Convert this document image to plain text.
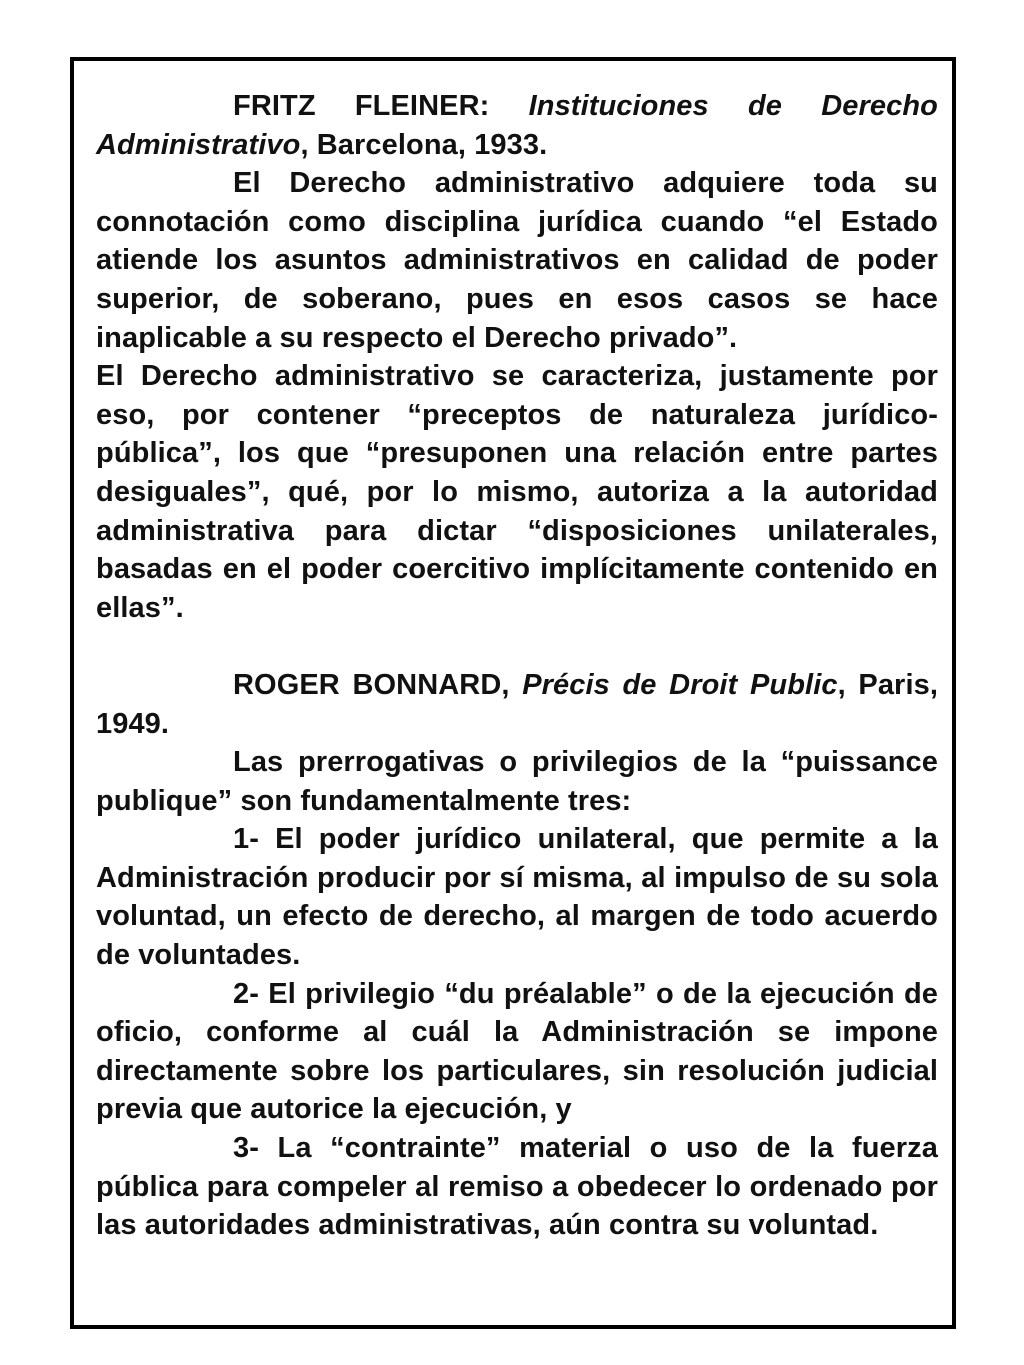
FRITZ FLEINER: Instituciones de Derecho Administrativo, Barcelona, 1933.

El Derecho administrativo adquiere toda su connotación como disciplina jurídica cuando “el Estado atiende los asuntos administrativos en calidad de poder superior, de soberano, pues en esos casos se hace inaplicable a su respecto el Derecho privado”.

El Derecho administrativo se caracteriza, justamente por eso, por contener “preceptos de naturaleza jurídico-pública”, los que “presuponen una relación entre partes desiguales”, qué, por lo mismo, autoriza a la autoridad administrativa para dictar “disposiciones unilaterales, basadas en el poder coercitivo implícitamente contenido en ellas”.

ROGER BONNARD, Précis de Droit Public, Paris, 1949.

Las prerrogativas o privilegios de la “puissance publique” son fundamentalmente tres:

1- El poder jurídico unilateral, que permite a la Administración producir por sí misma, al impulso de su sola voluntad, un efecto de derecho, al margen de todo acuerdo de voluntades.

2- El privilegio “du préalable” o de la ejecución de oficio, conforme al cuál la Administración se impone directamente sobre los particulares, sin resolución judicial previa que autorice la ejecución, y

3- La “contrainte” material o uso de la fuerza pública para compeler al remiso a obedecer lo ordenado por las autoridades administrativas, aún contra su voluntad.
